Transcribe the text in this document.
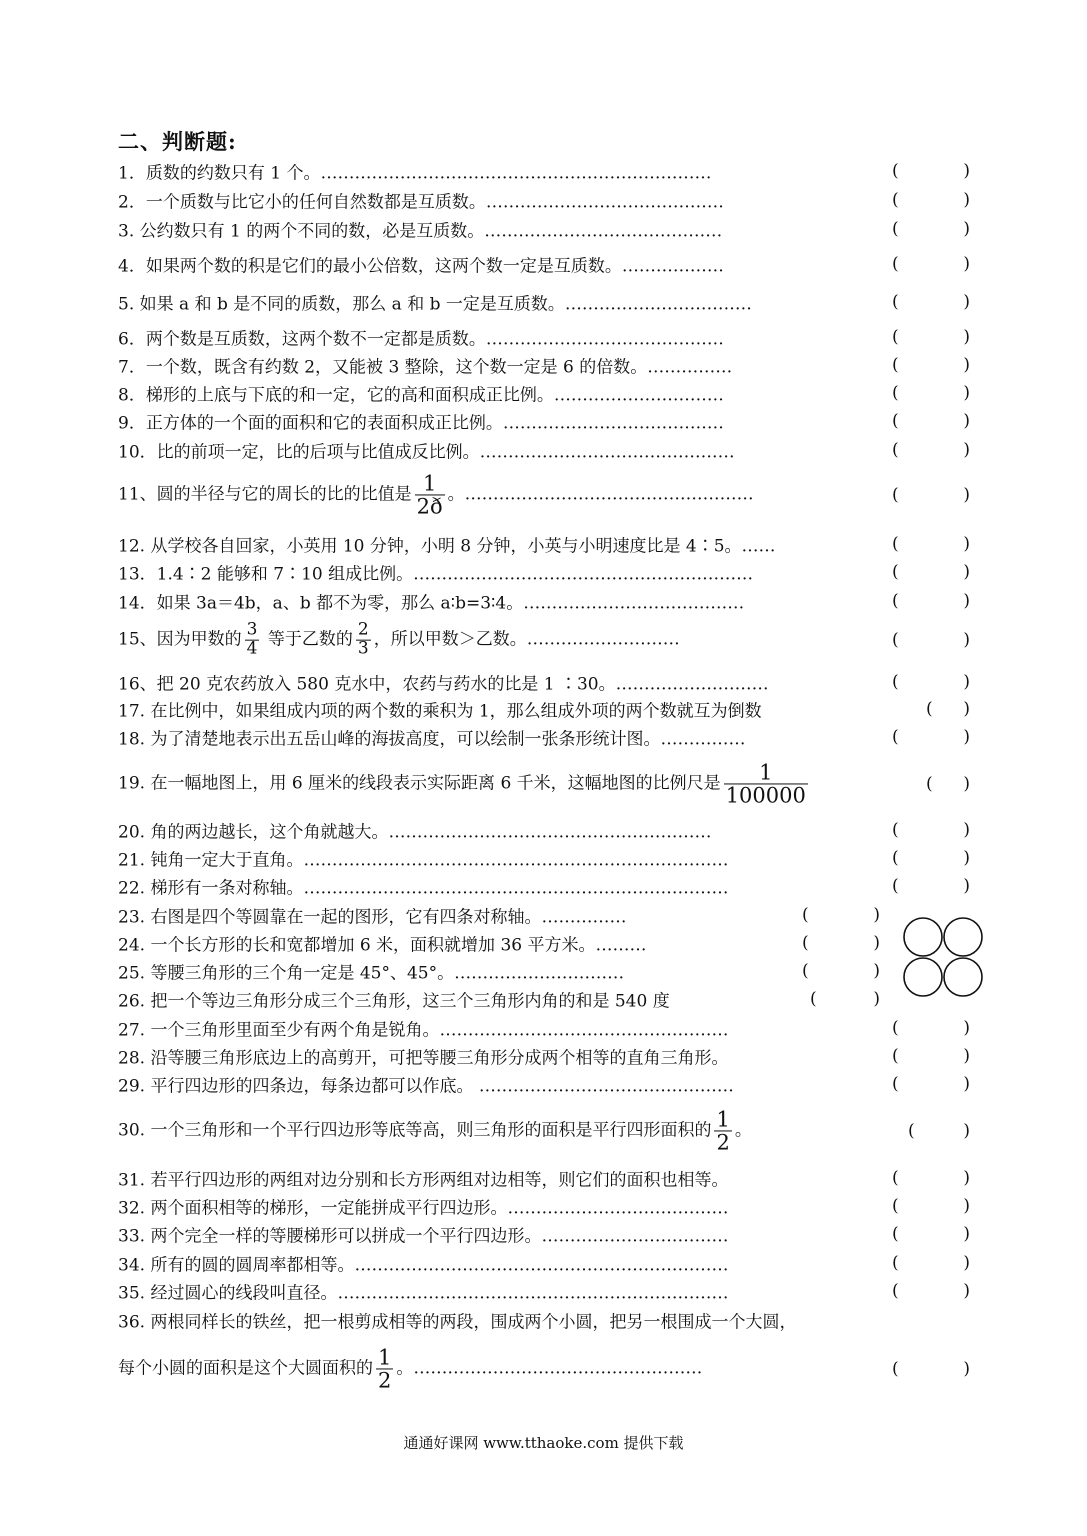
二、判断题:
1．质数的约数只有 1 个。……………………………………………………………	(	)
2．一个质数与比它小的任何自然数都是互质数。……………………………………	(	)
3. 公约数只有 1 的两个不同的数，必是互质数。……………………………………	(	)
4．如果两个数的积是它们的最小公倍数，这两个数一定是互质数。………………	(	)
5. 如果 a 和 b 是不同的质数，那么 a 和 b 一定是互质数。……………………………	(	)
6．两个数是互质数，这两个数不一定都是质数。……………………………………	(	)
7．一个数，既含有约数 2，又能被 3 整除，这个数一定是 6 的倍数。……………	(	)
8．梯形的上底与下底的和一定，它的高和面积成正比例。…………………………	(	)
9．正方体的一个面的面积和它的表面积成正比例。…………………………………	(	)
10．比的前项一定，比的后项与比值成反比例。………………………………………	(	)
11、圆的半径与它的周长的比的比值是 $\frac{1}{2ð}$ 。……………………………………………	(	)
12. 从学校各自回家，小英用 10 分钟，小明 8 分钟，小英与小明速度比是 4∶5。……	(	)
13．1.4∶2 能够和 7∶10 组成比例。……………………………………………………	(	)
14．如果 3a＝4b，a、b 都不为零，那么 a∶b=3∶4。…………………………………	(	)
15、因为甲数的 $\frac{3}{4}$ 等于乙数的 $\frac{2}{3}$ ，所以甲数＞乙数。………………………	(	)
16、把 20 克农药放入 580 克水中，农药与药水的比是 1 ∶30。………………………	(	)
17. 在比例中，如果组成内项的两个数的乘积为 1，那么组成外项的两个数就互为倒数	( )
18. 为了清楚地表示出五岳山峰的海拔高度，可以绘制一张条形统计图。……………	(	)
19. 在一幅地图上，用 6 厘米的线段表示实际距离 6 千米，这幅地图的比例尺是 $\frac{1}{100000}$	( )
20. 角的两边越长，这个角就越大。…………………………………………………	(	)
21. 钝角一定大于直角。…………………………………………………………………	(	)
22. 梯形有一条对称轴。…………………………………………………………………	(	)
23. 右图是四个等圆靠在一起的图形，它有四条对称轴。……………	(	)
24. 一个长方形的长和宽都增加 6 米，面积就增加 36 平方米。………	(	)
25. 等腰三角形的三个角一定是 45°、45°。…………………………	(	)
26. 把一个等边三角形分成三个三角形，这三个三角形内角的和是 540 度	(	)
27. 一个三角形里面至少有两个角是锐角。……………………………………………	(	)
28. 沿等腰三角形底边上的高剪开，可把等腰三角形分成两个相等的直角三角形。	(	)
29. 平行四边形的四条边，每条边都可以作底。 ………………………………………	(	)
30. 一个三角形和一个平行四边形等底等高，则三角形的面积是平行四形面积的 $\frac{1}{2}$ 。	(	)
31. 若平行四边形的两组对边分别和长方形两组对边相等，则它们的面积也相等。	(	)
32. 两个面积相等的梯形，一定能拼成平行四边形。…………………………………	(	)
33. 两个完全一样的等腰梯形可以拼成一个平行四边形。……………………………	(	)
34. 所有的圆的圆周率都相等。…………………………………………………………	(	)
35. 经过圆心的线段叫直径。……………………………………………………………	(	)
36. 两根同样长的铁丝，把一根剪成相等的两段，围成两个小圆，把另一根围成一个大圆，
每个小圆的面积是这个大圆面积的 $\frac{1}{2}$ 。……………………………………………	(	)
通通好课网 www.tthaoke.com 提供下载
